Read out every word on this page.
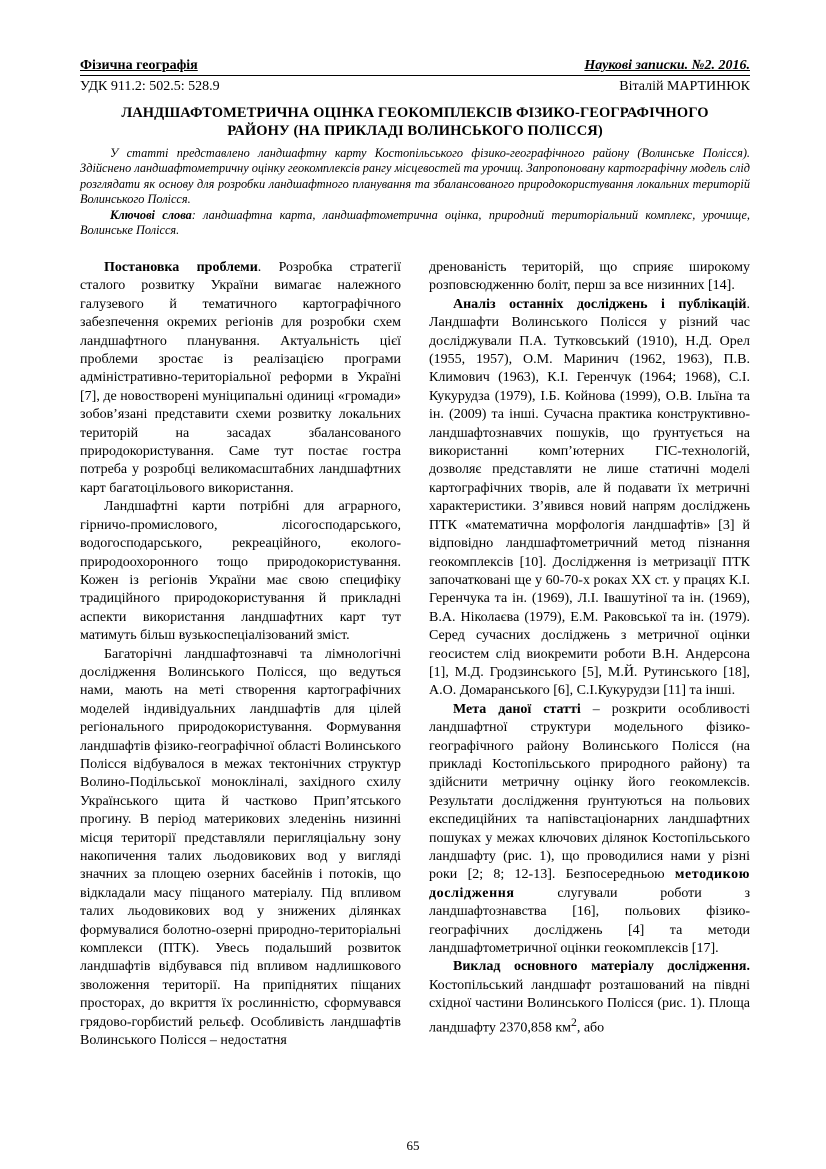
Фізична географія	Наукові записки. №2. 2016.
УДК 911.2: 502.5: 528.9	Віталій МАРТИНЮК
ЛАНДШАФТОМЕТРИЧНА ОЦІНКА ГЕОКОМПЛЕКСІВ ФІЗИКО-ГЕОГРАФІЧНОГО РАЙОНУ (НА ПРИКЛАДІ ВОЛИНСЬКОГО ПОЛІССЯ)

У статті представлено ландшафтну карту Костопільського фізико-географічного району (Волинське Полісся). Здійснено ландшафтометричну оцінку геокомплексів рангу місцевостей та урочищ. Запропоновану картографічну модель слід розглядати як основу для розробки ландшафтного планування та збалансованого природокористування локальних територій Волинського Полісся.

Ключові слова: ландшафтна карта, ландшафтометрична оцінка, природний територіальний комплекс, урочище, Волинське Полісся.

Постановка проблеми. Розробка стратегії сталого розвитку України вимагає належного галузевого й тематичного картографічного забезпечення окремих регіонів для розробки схем ландшафтного планування. Актуальність цієї проблеми зростає із реалізацією програми адміністративно-територіальної реформи в Україні [7], де новостворені муніципальні одиниці «громади» зобов’язані представити схеми розвитку локальних територій на засадах збалансованого природокористування. Саме тут постає гостра потреба у розробці великомасштабних ландшафтних карт багатоцільового використання.

Ландшафтні карти потрібні для аграрного, гірничо-промислового, лісогосподарського, водогосподарського, рекреаційного, еколого-природоохоронного тощо природокористування. Кожен із регіонів України має свою специфіку традиційного природокористування й прикладні аспекти використання ландшафтних карт тут матимуть більш вузькоспеціалізований зміст.

Багаторічні ландшафтознавчі та лімнологічні дослідження Волинського Полісся, що ведуться нами, мають на меті створення картографічних моделей індивідуальних ландшафтів для цілей регіонального природокористування. Формування ландшафтів фізико-географічної області Волинського Полісся відбувалося в межах тектонічних структур Волино-Подільської монокліналі, західного схилу Українського щита й частково Прип’ятського прогину. В період материкових зледенінь низинні місця території представляли перигляціальну зону накопичення талих льодовикових вод у вигляді значних за площею озерних басейнів і потоків, що відкладали масу піщаного матеріалу. Під впливом талих льодовикових вод у знижених ділянках формувалися болотно-озерні природно-територіальні комплекси (ПТК). Увесь подальший розвиток ландшафтів відбувався під впливом надлишкового зволоження території. На припіднятих піщаних просторах, до вкриття їх рослинністю, сформувався грядово-горбистий рельєф. Особливість ландшафтів Волинського Полісся – недостатня

дренованість територій, що сприяє широкому розповсюдженню боліт, перш за все низинних [14].

Аналіз останніх досліджень і публікацій. Ландшафти Волинського Полісся у різний час досліджували П.А. Тутковський (1910), Н.Д. Орел (1955, 1957), О.М. Маринич (1962, 1963), П.В. Климович (1963), К.І. Геренчук (1964; 1968), С.І. Кукурудза (1979), І.Б. Койнова (1999), О.В. Ільїна та ін. (2009) та інші. Сучасна практика конструктивно-ландшафтознавчих пошуків, що ґрунтується на використанні комп’ютерних ГІС-технологій, дозволяє представляти не лише статичні моделі картографічних творів, але й подавати їх метричні характеристики. З’явився новий напрям досліджень ПТК «математична морфологія ландшафтів» [3] й відповідно ландшафтометричний метод пізнання геокомплексів [10]. Дослідження із метризації ПТК започатковані ще у 60-70-х роках ХХ ст. у працях К.І. Геренчука та ін. (1969), Л.І. Івашутіної та ін. (1969), В.А. Ніколаєва (1979), Е.М. Раковської та ін. (1979). Серед сучасних досліджень з метричної оцінки геосистем слід виокремити роботи В.Н. Андерсона [1], М.Д. Гродзинського [5], М.Й. Рутинського [18], А.О. Домаранського [6], С.І.Кукурудзи [11] та інші.

Мета даної статті – розкрити особливості ландшафтної структури модельного фізико-географічного району Волинського Полісся (на прикладі Костопільського природного району) та здійснити метричну оцінку його геокомлексів. Результати дослідження ґрунтуються на польових експедиційних та напівстаціонарних ландшафтних пошуках у межах ключових ділянок Костопільського ландшафту (рис. 1), що проводилися нами у різні роки [2; 8; 12-13]. Безпосередньою методикою дослідження слугували роботи з ландшафтознавства [16], польових фізико-географічних досліджень [4] та методи ландшафтометричної оцінки геокомплексів [17].

Виклад основного матеріалу дослідження. Костопільський ландшафт розташований на півдні східної частини Волинського Полісся (рис. 1). Площа ландшафту 2370,858 $км^2$, або

65
